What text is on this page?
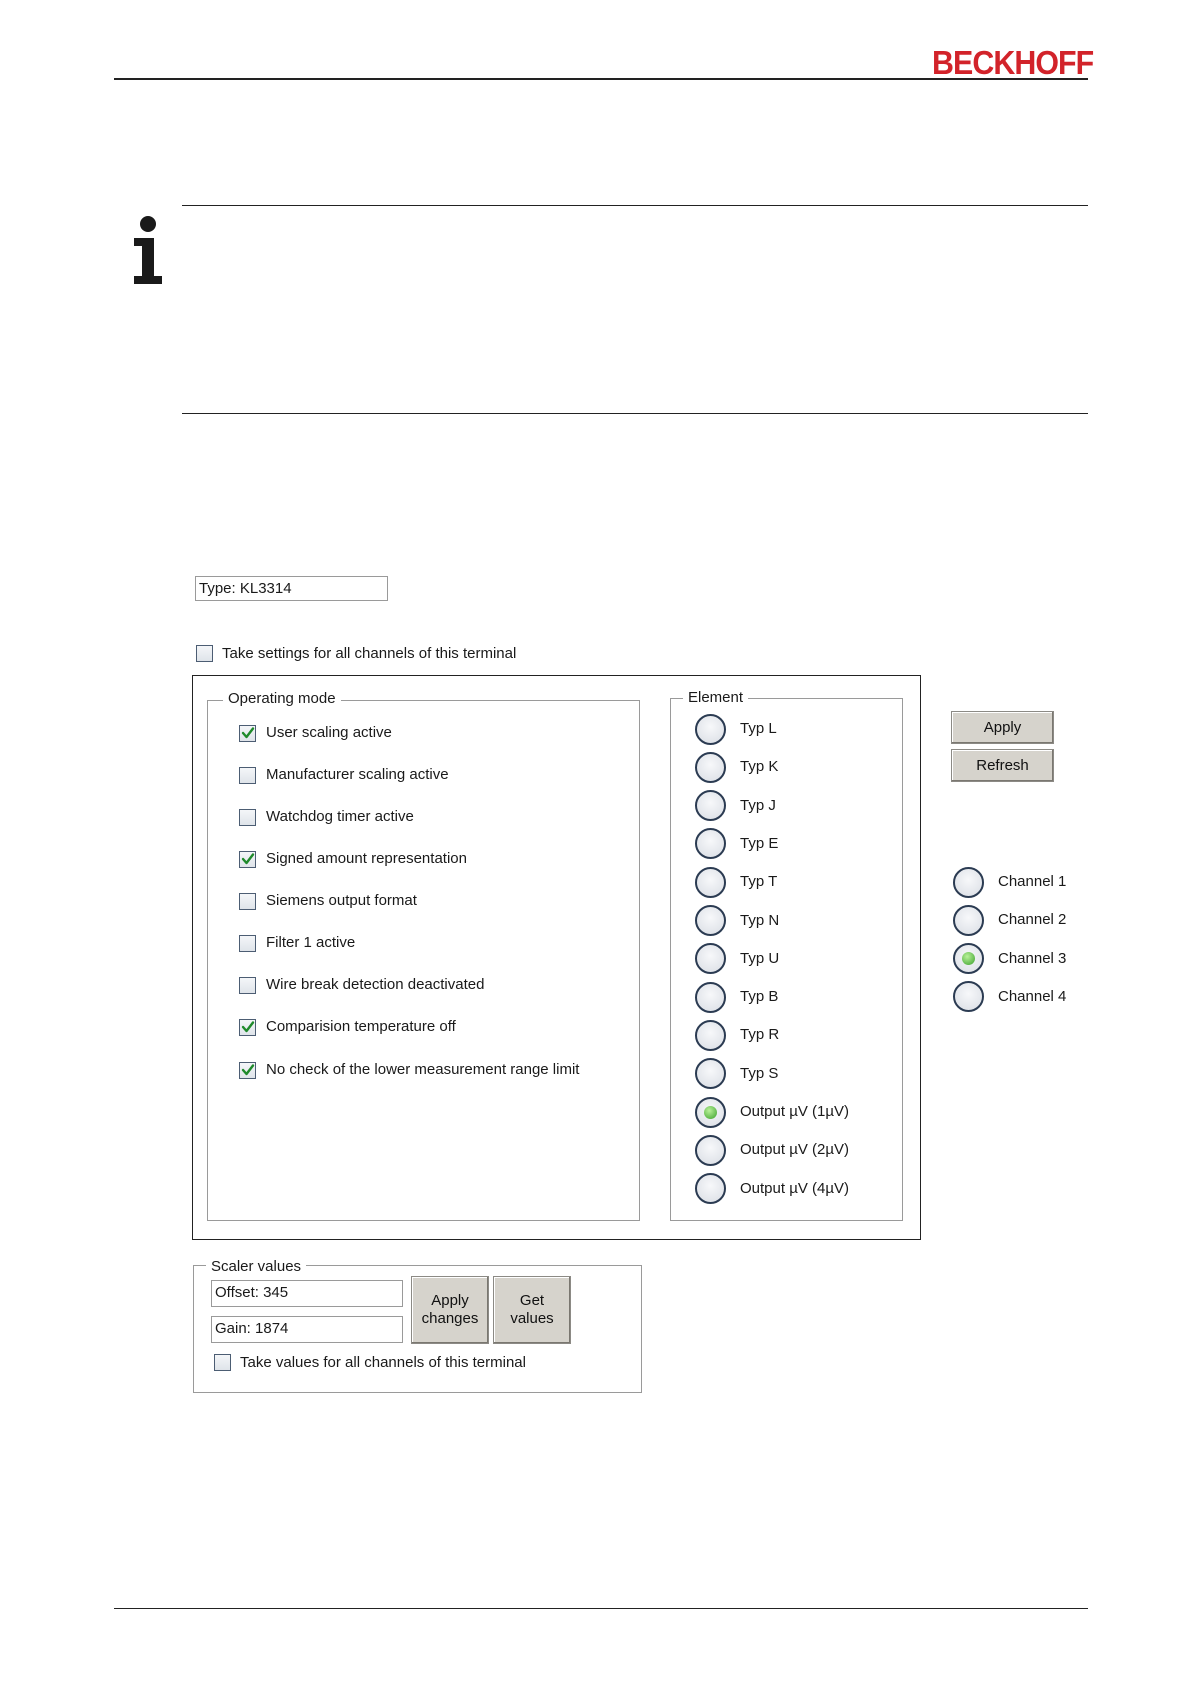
BECKHOFF
Type: KL3314
Take settings for all channels of this terminal
Operating mode
User scaling active
Manufacturer scaling active
Watchdog timer active
Signed amount representation
Siemens output format
Filter 1 active
Wire break detection deactivated
Comparision temperature off
No check of the lower measurement range limit
Element
Typ L
Typ K
Typ J
Typ E
Typ T
Typ N
Typ U
Typ B
Typ R
Typ S
Output µV (1µV)
Output µV (2µV)
Output µV (4µV)
Apply
Refresh
Channel 1
Channel 2
Channel 3
Channel 4
Scaler values
Offset: 345
Gain: 1874
Apply
changes
Get
values
Take values for all channels of this terminal
